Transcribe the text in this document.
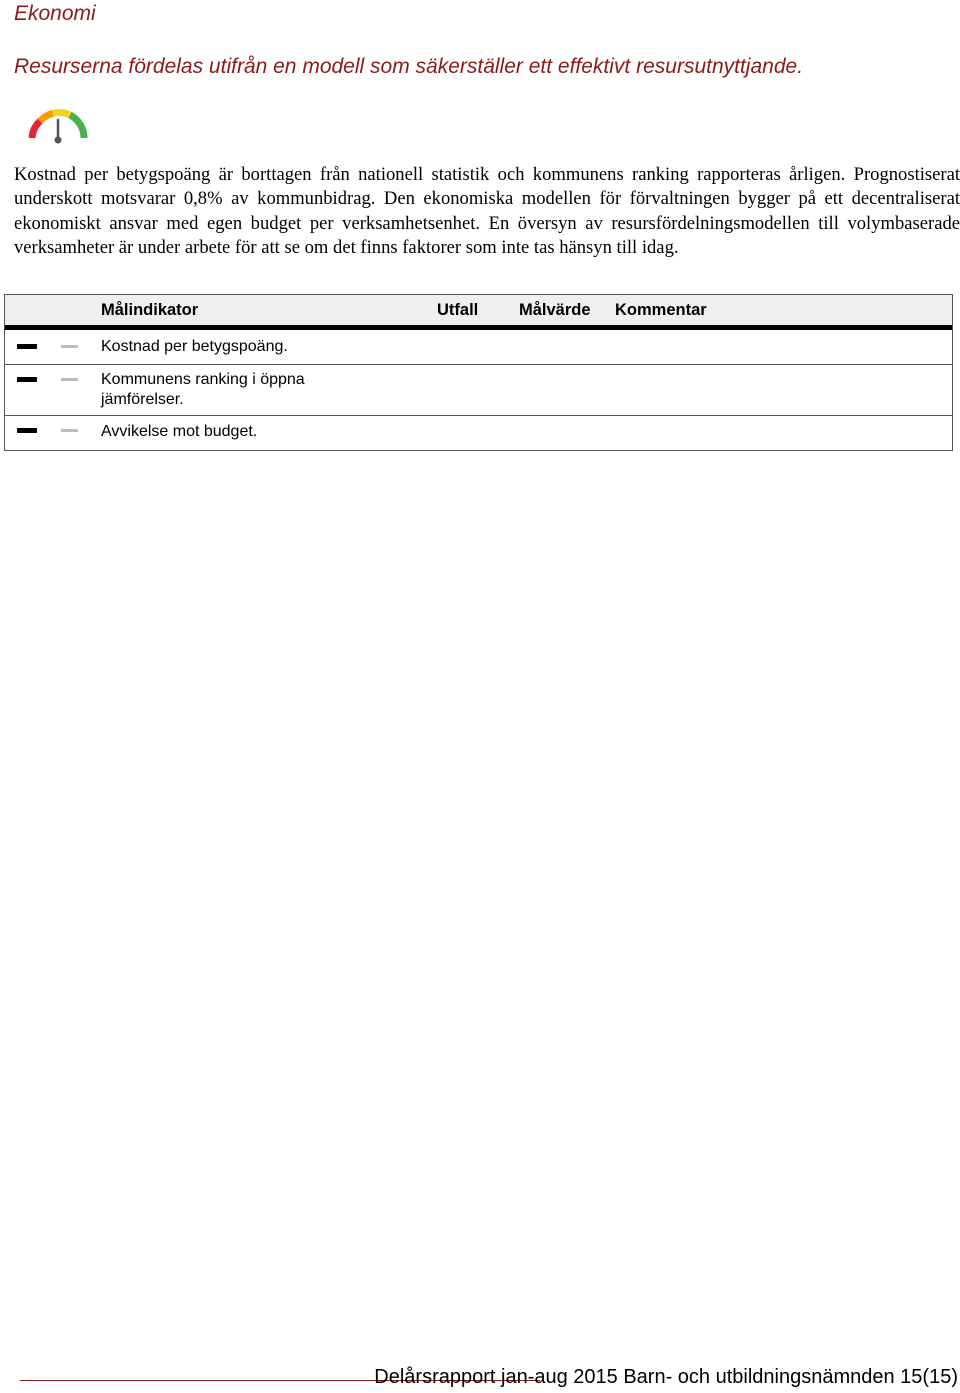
Ekonomi
Resurserna fördelas utifrån en modell som säkerställer ett effektivt resursutnyttjande.

Kostnad per betygspoäng är borttagen från nationell statistik och kommunens ranking rapporteras årligen. Prognostiserat underskott motsvarar 0,8% av kommunbidrag. Den ekonomiska modellen för förvaltningen bygger på ett decentraliserat ekonomiskt ansvar med egen budget per verksamhetsenhet. En översyn av resursfördelningsmodellen till volymbaserade verksamheter är under arbete för att se om det finns faktorer som inte tas hänsyn till idag.

Målindikator	Utfall Målvärde Kommentar
Kostnad per betygspoäng.
Kommunens ranking i öppna jämförelser.
Avvikelse mot budget.
Delårsrapport jan-aug 2015 Barn- och utbildningsnämnden 15(15)
